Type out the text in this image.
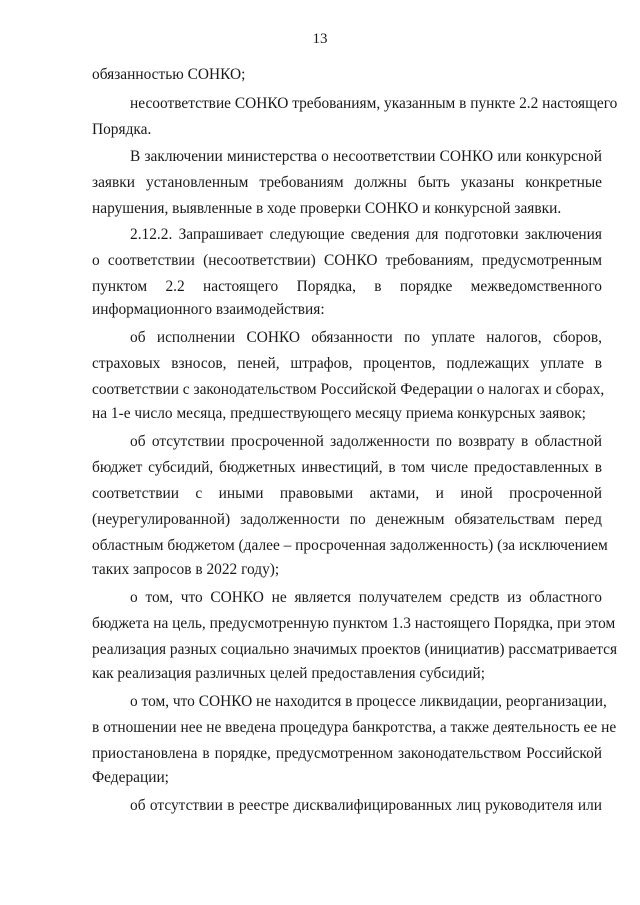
13
обязанностью СОНКО;
несоответствие СОНКО требованиям, указанным в пункте 2.2 настоящего
Порядка.
В заключении министерства о несоответствии СОНКО или конкурсной
заявки установленным требованиям должны быть указаны конкретные
нарушения, выявленные в ходе проверки СОНКО и конкурсной заявки.
2.12.2. Запрашивает следующие сведения для подготовки заключения
о соответствии (несоответствии) СОНКО требованиям, предусмотренным
пунктом 2.2 настоящего Порядка, в порядке межведомственного
информационного взаимодействия:
об исполнении СОНКО обязанности по уплате налогов, сборов,
страховых взносов, пеней, штрафов, процентов, подлежащих уплате в
соответствии с законодательством Российской Федерации о налогах и сборах,
на 1-е число месяца, предшествующего месяцу приема конкурсных заявок;
об отсутствии просроченной задолженности по возврату в областной
бюджет субсидий, бюджетных инвестиций, в том числе предоставленных в
соответствии с иными правовыми актами, и иной просроченной
(неурегулированной) задолженности по денежным обязательствам перед
областным бюджетом (далее – просроченная задолженность) (за исключением
таких запросов в 2022 году);
о том, что СОНКО не является получателем средств из областного
бюджета на цель, предусмотренную пунктом 1.3 настоящего Порядка, при этом
реализация разных социально значимых проектов (инициатив) рассматривается
как реализация различных целей предоставления субсидий;
о том, что СОНКО не находится в процессе ликвидации, реорганизации,
в отношении нее не введена процедура банкротства, а также деятельность ее не
приостановлена в порядке, предусмотренном законодательством Российской
Федерации;
об отсутствии в реестре дисквалифицированных лиц руководителя или
